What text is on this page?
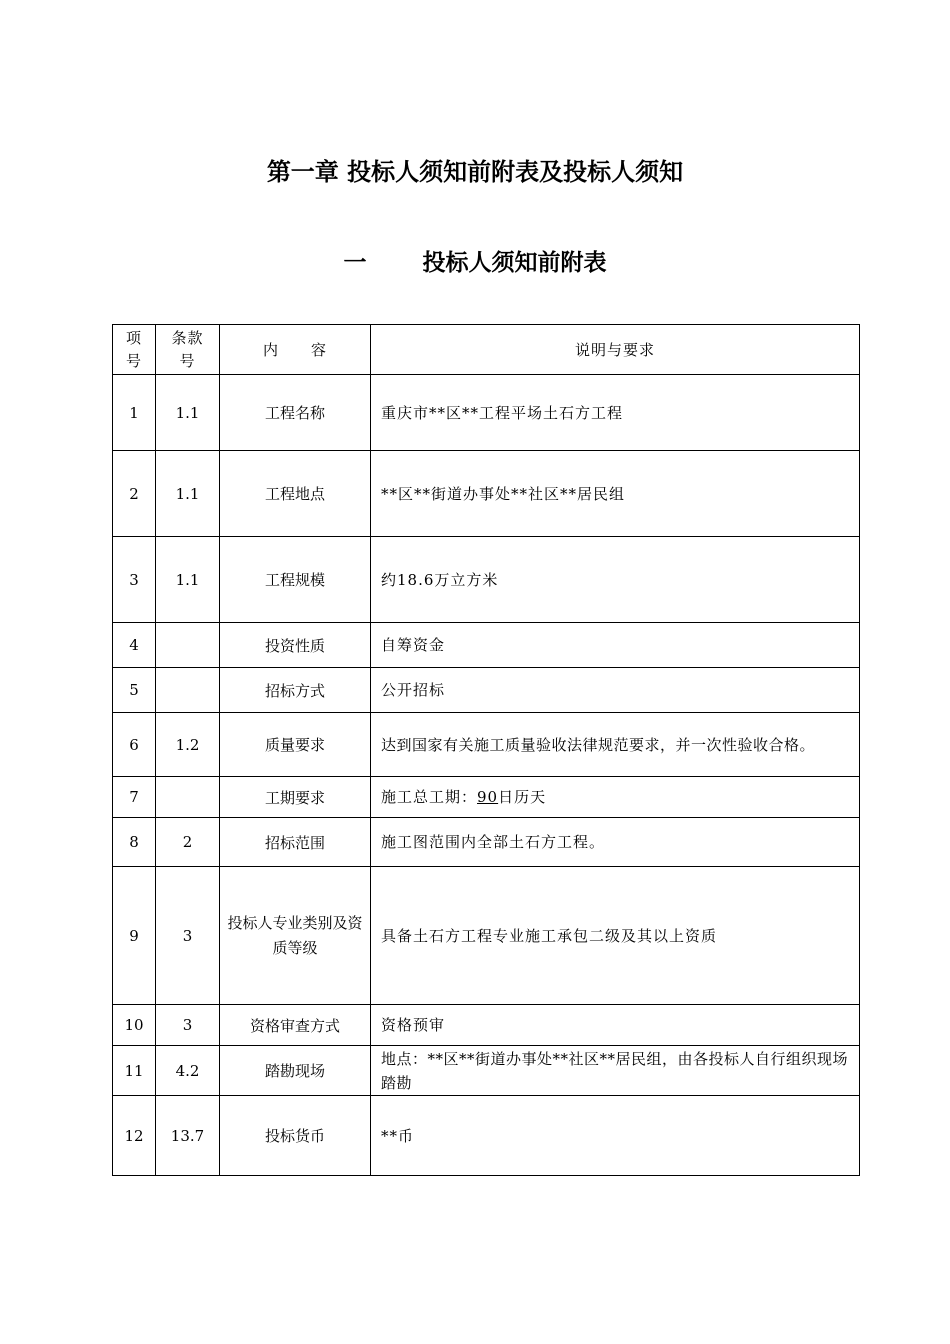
第一章 投标人须知前附表及投标人须知
一 投标人须知前附表
项号	条款号	内　　容	说明与要求
1	1.1	工程名称	重庆市**区**工程平场土石方工程
2	1.1	工程地点	**区**街道办事处**社区**居民组
3	1.1	工程规模	约18.6万立方米
4		投资性质	自筹资金
5		招标方式	公开招标
6	1.2	质量要求	达到国家有关施工质量验收法律规范要求，并一次性验收合格。
7		工期要求	施工总工期：90日历天
8	2	招标范围	施工图范围内全部土石方工程。
9	3	投标人专业类别及资质等级	具备土石方工程专业施工承包二级及其以上资质
10	3	资格审查方式	资格预审
11	4.2	踏勘现场	地点：**区**街道办事处**社区**居民组，由各投标人自行组织现场踏勘
12	13.7	投标货币	**币
